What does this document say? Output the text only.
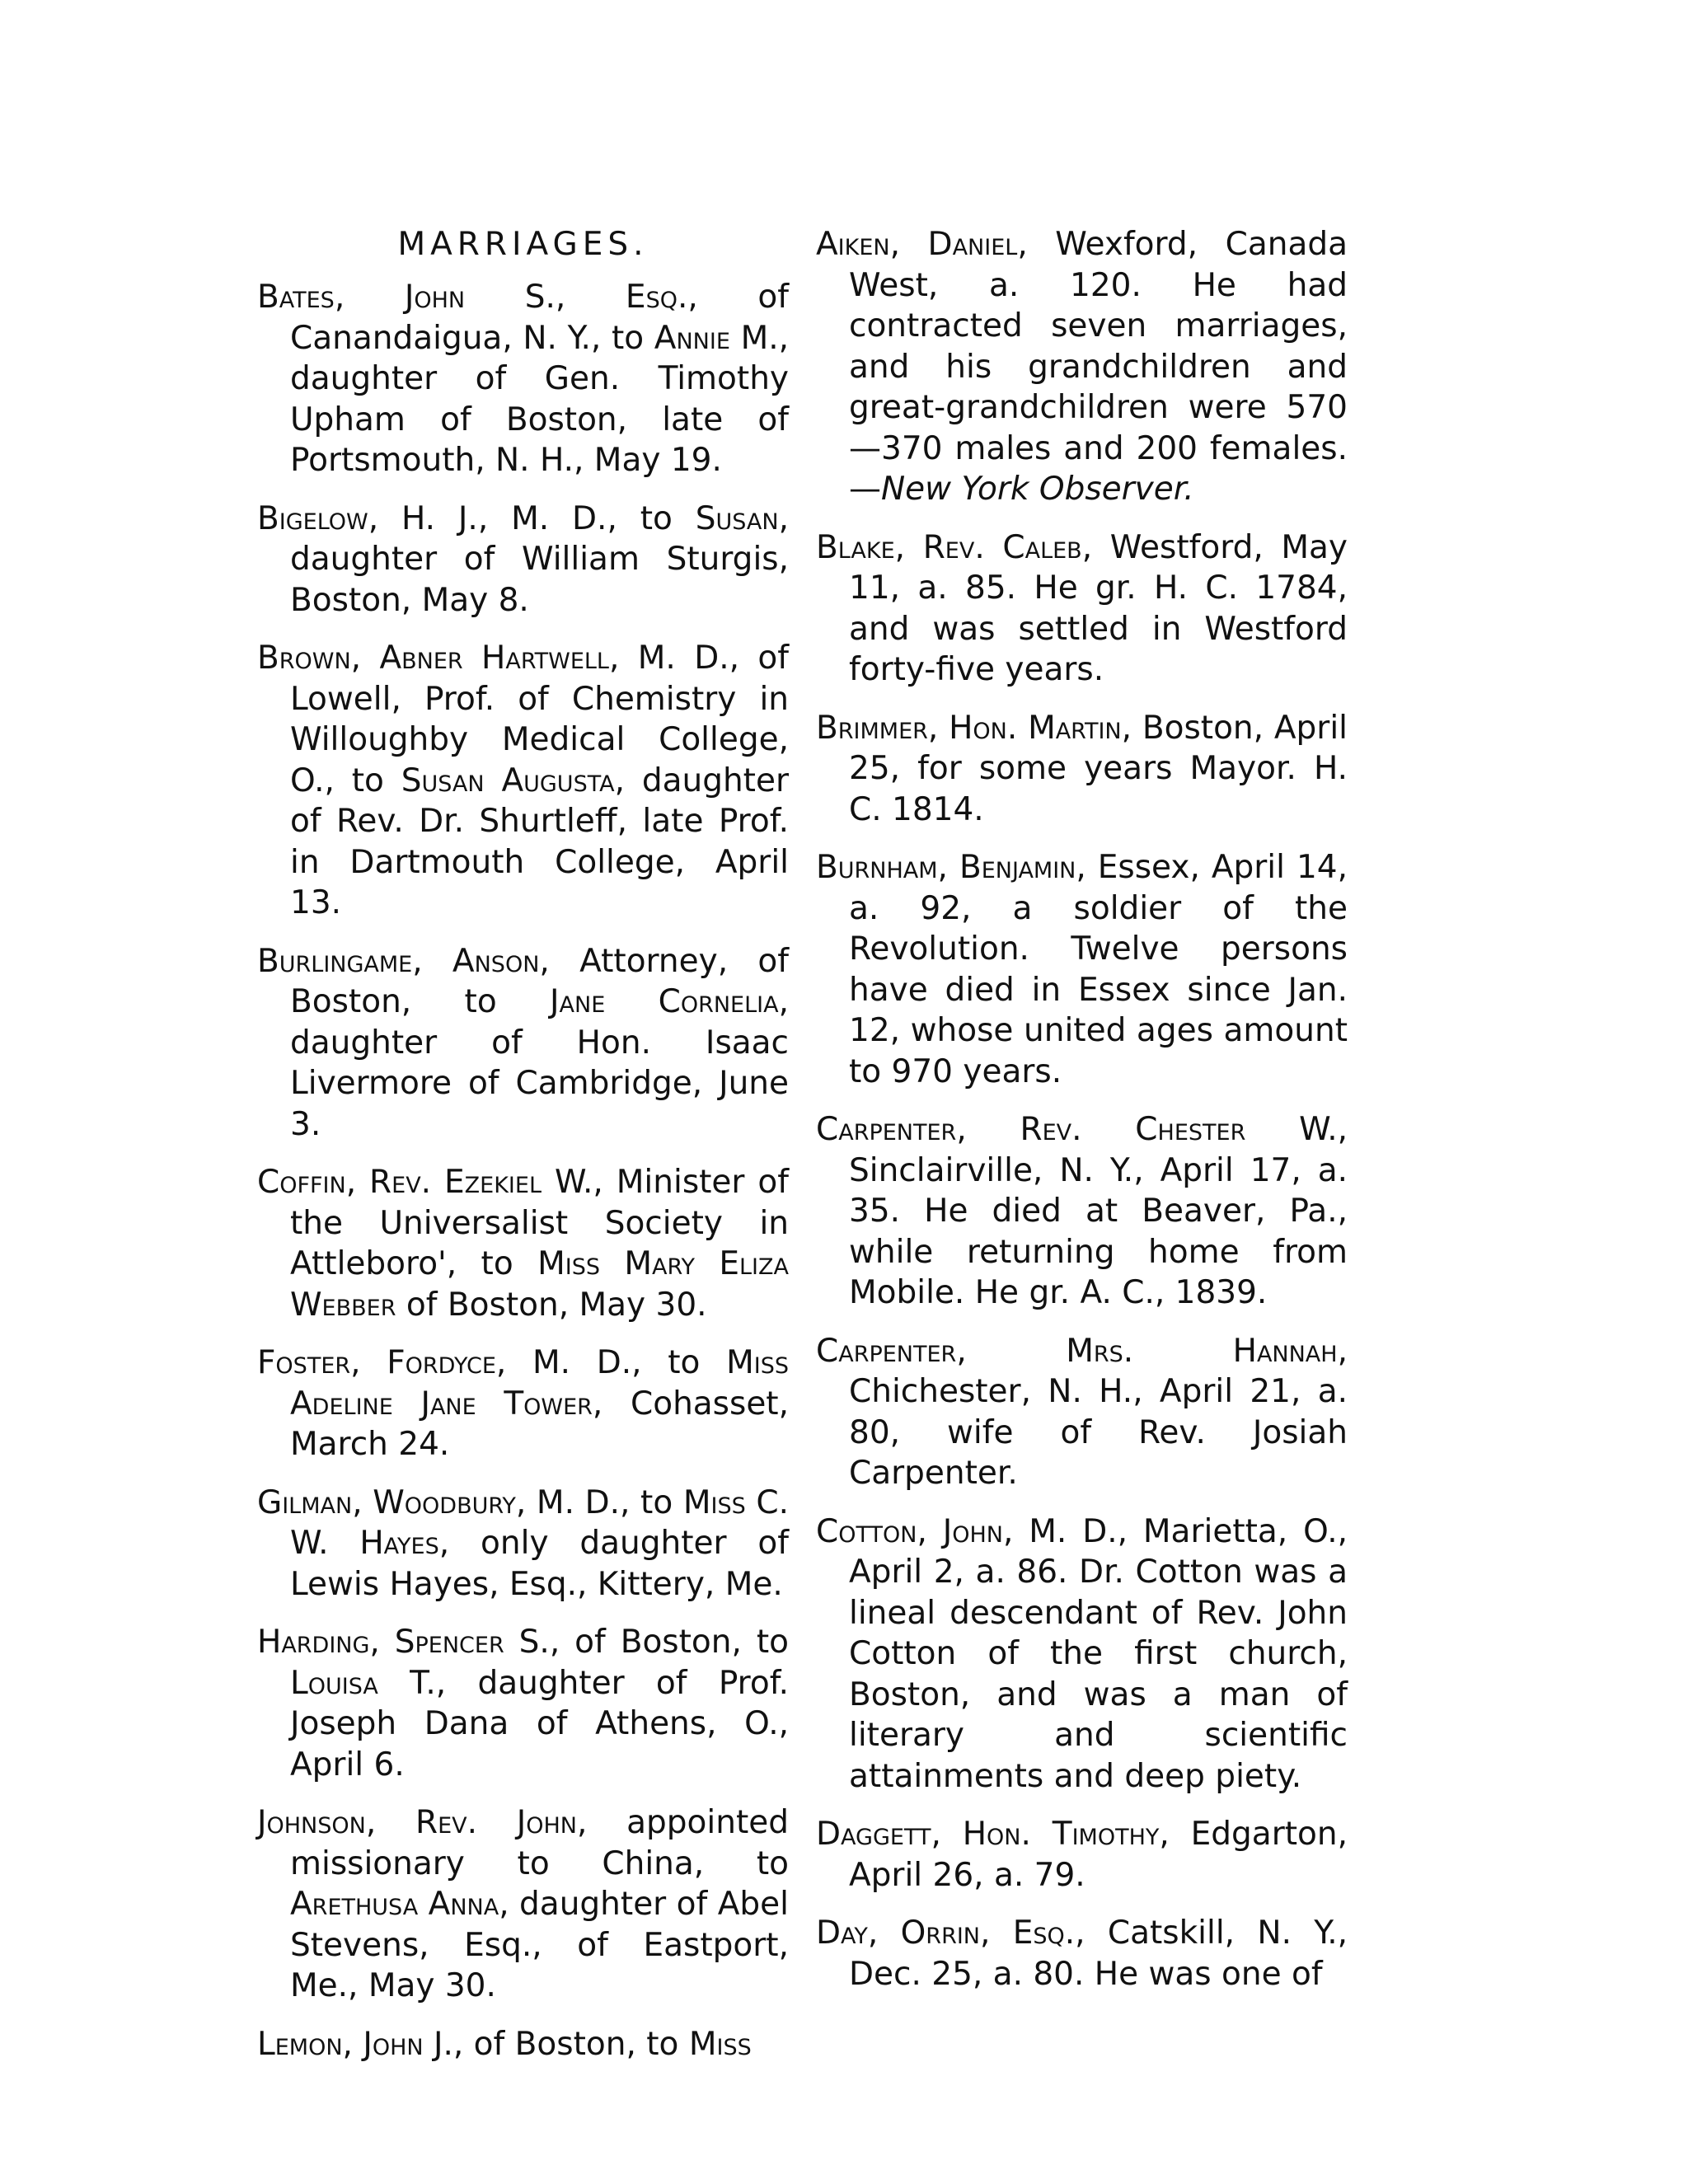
MARRIAGES.

Bates, John S., Esq., of Canandaigua, N. Y., to Annie M., daughter of Gen. Timothy Upham of Boston, late of Portsmouth, N. H., May 19.

Bigelow, H. J., M. D., to Susan, daughter of William Sturgis, Boston, May 8.

Brown, Abner Hartwell, M. D., of Lowell, Prof. of Chemistry in Willoughby Medical College, O., to Susan Augusta, daughter of Rev. Dr. Shurtleff, late Prof. in Dartmouth College, April 13.

Burlingame, Anson, Attorney, of Boston, to Jane Cornelia, daughter of Hon. Isaac Livermore of Cambridge, June 3.

Coffin, Rev. Ezekiel W., Minister of the Universalist Society in Attleboro', to Miss Mary Eliza Webber of Boston, May 30.

Foster, Fordyce, M. D., to Miss Adeline Jane Tower, Cohasset, March 24.

Gilman, Woodbury, M. D., to Miss C. W. Hayes, only daughter of Lewis Hayes, Esq., Kittery, Me.

Harding, Spencer S., of Boston, to Louisa T., daughter of Prof. Joseph Dana of Athens, O., April 6.

Johnson, Rev. John, appointed missionary to China, to Arethusa Anna, daughter of Abel Stevens, Esq., of Eastport, Me., May 30.

Lemon, John J., of Boston, to Miss

Aiken, Daniel, Wexford, Canada West, a. 120. He had contracted seven marriages, and his grandchildren and great-grandchildren were 570—370 males and 200 females.—New York Observer.

Blake, Rev. Caleb, Westford, May 11, a. 85. He gr. H. C. 1784, and was settled in Westford forty-five years.

Brimmer, Hon. Martin, Boston, April 25, for some years Mayor. H. C. 1814.

Burnham, Benjamin, Essex, April 14, a. 92, a soldier of the Revolution. Twelve persons have died in Essex since Jan. 12, whose united ages amount to 970 years.

Carpenter, Rev. Chester W., Sinclairville, N. Y., April 17, a. 35. He died at Beaver, Pa., while returning home from Mobile. He gr. A. C., 1839.

Carpenter, Mrs. Hannah, Chichester, N. H., April 21, a. 80, wife of Rev. Josiah Carpenter.

Cotton, John, M. D., Marietta, O., April 2, a. 86. Dr. Cotton was a lineal descendant of Rev. John Cotton of the first church, Boston, and was a man of literary and scientific attainments and deep piety.

Daggett, Hon. Timothy, Edgarton, April 26, a. 79.

Day, Orrin, Esq., Catskill, N. Y., Dec. 25, a. 80. He was one of
